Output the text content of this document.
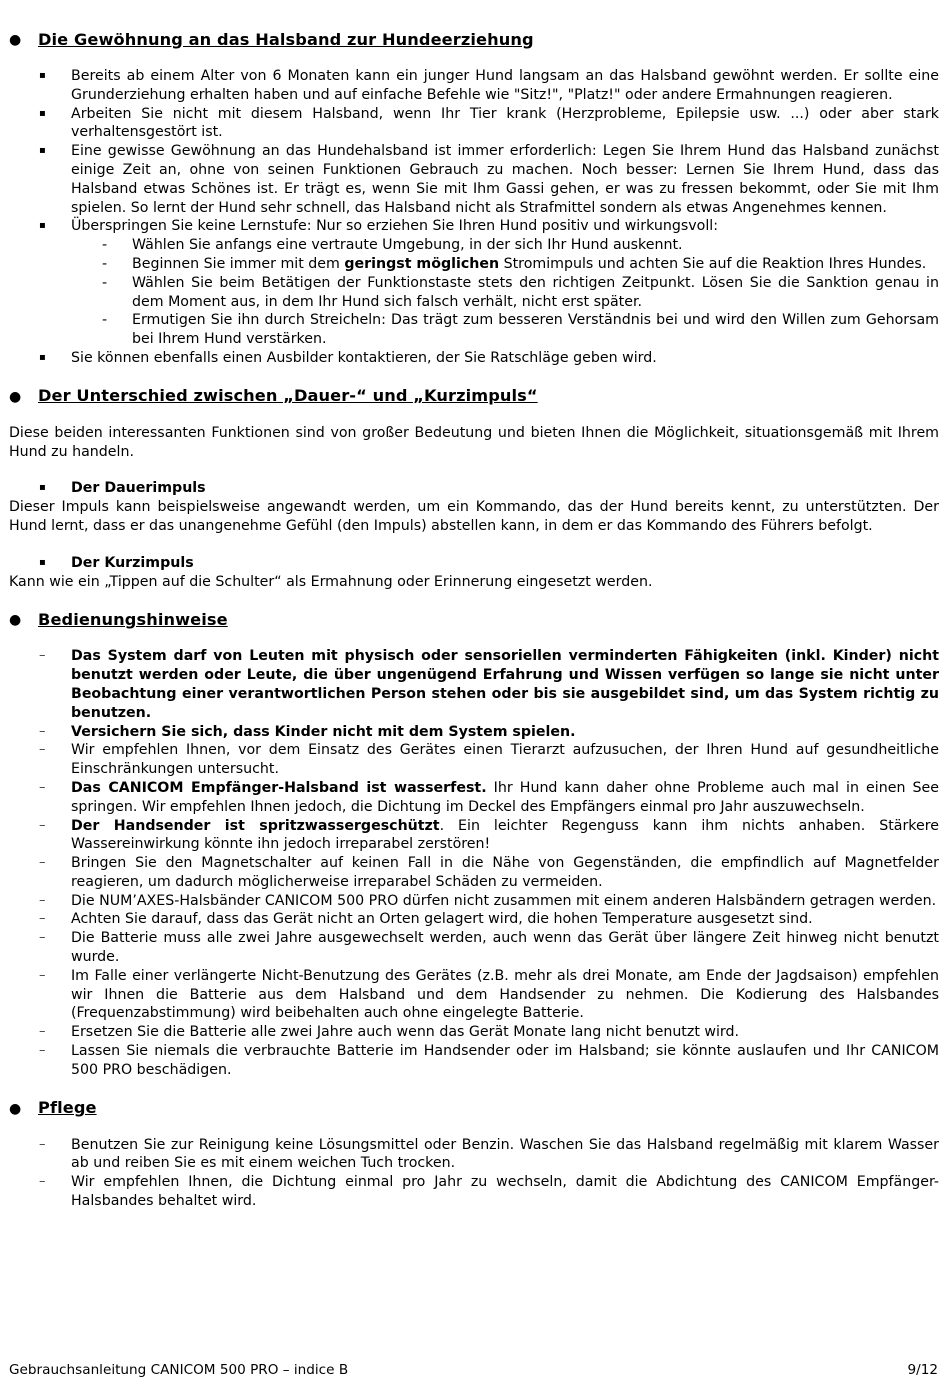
●	Die Gewöhnung an das Halsband zur Hundeerziehung
▪ Bereits ab einem Alter von 6 Monaten kann ein junger Hund langsam an das Halsband gewöhnt werden. Er sollte eine Grunderziehung erhalten haben und auf einfache Befehle wie "Sitz!", "Platz!" oder andere Ermahnungen reagieren.
▪ Arbeiten Sie nicht mit diesem Halsband, wenn Ihr Tier krank (Herzprobleme, Epilepsie usw. ...) oder aber stark verhaltensgestört ist.
▪ Eine gewisse Gewöhnung an das Hundehalsband ist immer erforderlich: Legen Sie Ihrem Hund das Halsband zunächst einige Zeit an, ohne von seinen Funktionen Gebrauch zu machen. Noch besser: Lernen Sie Ihrem Hund, dass das Halsband etwas Schönes ist. Er trägt es, wenn Sie mit Ihm Gassi gehen, er was zu fressen bekommt, oder Sie mit Ihm spielen. So lernt der Hund sehr schnell, das Halsband nicht als Strafmittel sondern als etwas Angenehmes kennen.
▪ Überspringen Sie keine Lernstufe: Nur so erziehen Sie Ihren Hund positiv und wirkungsvoll:
- Wählen Sie anfangs eine vertraute Umgebung, in der sich Ihr Hund auskennt.
- Beginnen Sie immer mit dem geringst möglichen Stromimpuls und achten Sie auf die Reaktion Ihres Hundes.
- Wählen Sie beim Betätigen der Funktionstaste stets den richtigen Zeitpunkt. Lösen Sie die Sanktion genau in dem Moment aus, in dem Ihr Hund sich falsch verhält, nicht erst später.
- Ermutigen Sie ihn durch Streicheln: Das trägt zum besseren Verständnis bei und wird den Willen zum Gehorsam bei Ihrem Hund verstärken.
▪ Sie können ebenfalls einen Ausbilder kontaktieren, der Sie Ratschläge geben wird.
●	Der Unterschied zwischen „Dauer-“ und „Kurzimpuls“

Diese beiden interessanten Funktionen sind von großer Bedeutung und bieten Ihnen die Möglichkeit, situationsgemäß mit Ihrem Hund zu handeln.

▪ Der Dauerimpuls

Dieser Impuls kann beispielsweise angewandt werden, um ein Kommando, das der Hund bereits kennt, zu unterstützten. Der Hund lernt, dass er das unangenehme Gefühl (den Impuls) abstellen kann, in dem er das Kommando des Führers befolgt.

▪ Der Kurzimpuls

Kann wie ein „Tippen auf die Schulter“ als Ermahnung oder Erinnerung eingesetzt werden.

●	Bedienungshinweise
– Das System darf von Leuten mit physisch oder sensoriellen verminderten Fähigkeiten (inkl. Kinder) nicht benutzt werden oder Leute, die über ungenügend Erfahrung und Wissen verfügen so lange sie nicht unter Beobachtung einer verantwortlichen Person stehen oder bis sie ausgebildet sind, um das System richtig zu benutzen.
– Versichern Sie sich, dass Kinder nicht mit dem System spielen.
– Wir empfehlen Ihnen, vor dem Einsatz des Gerätes einen Tierarzt aufzusuchen, der Ihren Hund auf gesundheitliche Einschränkungen untersucht.
– Das CANICOM Empfänger-Halsband ist wasserfest. Ihr Hund kann daher ohne Probleme auch mal in einen See springen. Wir empfehlen Ihnen jedoch, die Dichtung im Deckel des Empfängers einmal pro Jahr auszuwechseln.
– Der Handsender ist spritzwassergeschützt. Ein leichter Regenguss kann ihm nichts anhaben. Stärkere Wassereinwirkung könnte ihn jedoch irreparabel zerstören!
– Bringen Sie den Magnetschalter auf keinen Fall in die Nähe von Gegenständen, die empfindlich auf Magnetfelder reagieren, um dadurch möglicherweise irreparabel Schäden zu vermeiden.
– Die NUM’AXES-Halsbänder CANICOM 500 PRO dürfen nicht zusammen mit einem anderen Halsbändern getragen werden.
– Achten Sie darauf, dass das Gerät nicht an Orten gelagert wird, die hohen Temperature ausgesetzt sind.
– Die Batterie muss alle zwei Jahre ausgewechselt werden, auch wenn das Gerät über längere Zeit hinweg nicht benutzt wurde.
– Im Falle einer verlängerte Nicht-Benutzung des Gerätes (z.B. mehr als drei Monate, am Ende der Jagdsaison) empfehlen wir Ihnen die Batterie aus dem Halsband und dem Handsender zu nehmen. Die Kodierung des Halsbandes (Frequenzabstimmung) wird beibehalten auch ohne eingelegte Batterie.
– Ersetzen Sie die Batterie alle zwei Jahre auch wenn das Gerät Monate lang nicht benutzt wird.
– Lassen Sie niemals die verbrauchte Batterie im Handsender oder im Halsband; sie könnte auslaufen und Ihr CANICOM 500 PRO beschädigen.
●	Pflege
– Benutzen Sie zur Reinigung keine Lösungsmittel oder Benzin. Waschen Sie das Halsband regelmäßig mit klarem Wasser ab und reiben Sie es mit einem weichen Tuch trocken.
– Wir empfehlen Ihnen, die Dichtung einmal pro Jahr zu wechseln, damit die Abdichtung des CANICOM Empfänger-Halsbandes behaltet wird.
Gebrauchsanleitung CANICOM 500 PRO – indice B	9/12
